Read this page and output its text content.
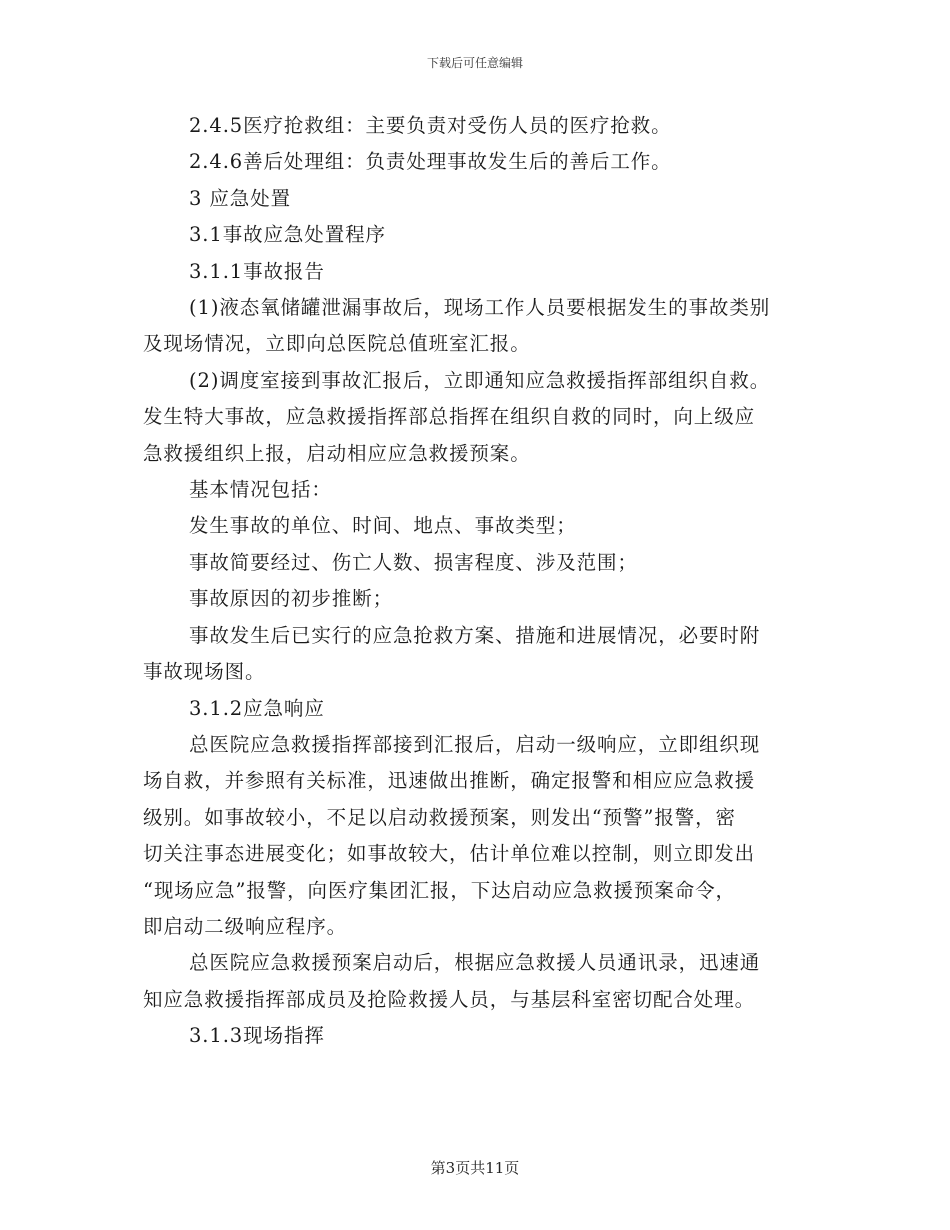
下载后可任意编辑

2.4.5医疗抢救组：主要负责对受伤人员的医疗抢救。

2.4.6善后处理组：负责处理事故发生后的善后工作。

3 应急处置

3.1事故应急处置程序

3.1.1事故报告

(1)液态氧储罐泄漏事故后，现场工作人员要根据发生的事故类别
及现场情况，立即向总医院总值班室汇报。
(2)调度室接到事故汇报后，立即通知应急救援指挥部组织自救。
发生特大事故，应急救援指挥部总指挥在组织自救的同时，向上级应
急救援组织上报，启动相应应急救援预案。

基本情况包括：

发生事故的单位、时间、地点、事故类型；

事故简要经过、伤亡人数、损害程度、涉及范围；

事故原因的初步推断；

事故发生后已实行的应急抢救方案、措施和进展情况，必要时附
事故现场图。

3.1.2应急响应

总医院应急救援指挥部接到汇报后，启动一级响应，立即组织现
场自救，并参照有关标准，迅速做出推断，确定报警和相应应急救援
级别。如事故较小，不足以启动救援预案，则发出“预警”报警，密
切关注事态进展变化；如事故较大，估计单位难以控制，则立即发出
“现场应急”报警，向医疗集团汇报，下达启动应急救援预案命令，
即启动二级响应程序。
总医院应急救援预案启动后，根据应急救援人员通讯录，迅速通
知应急救援指挥部成员及抢险救援人员，与基层科室密切配合处理。

3.1.3现场指挥

第3页共11页
